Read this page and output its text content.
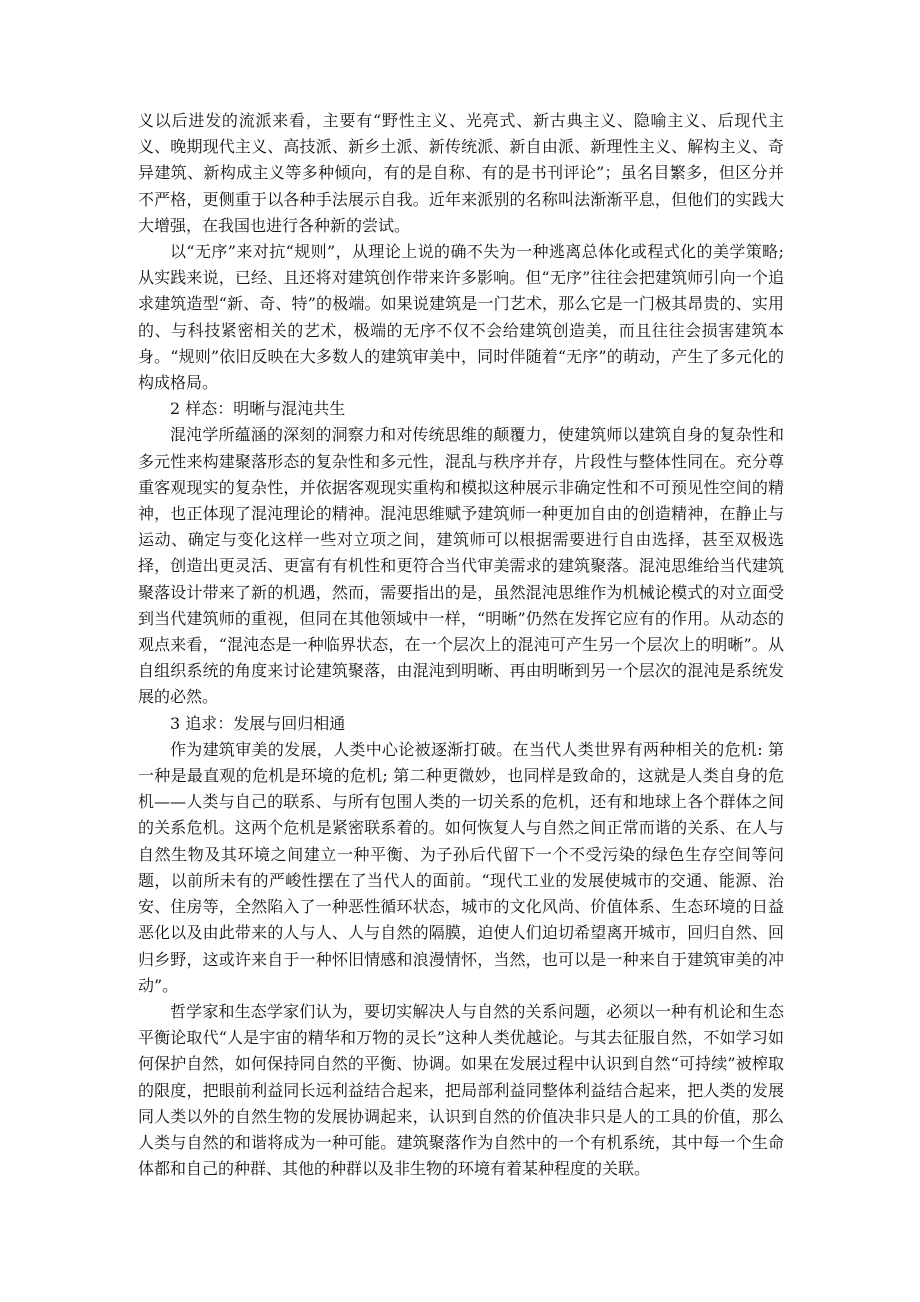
义以后进发的流派来看，主要有“野性主义、光亮式、新古典主义、隐喻主义、后现代主义、晚期现代主义、高技派、新乡土派、新传统派、新自由派、新理性主义、解构主义、奇异建筑、新构成主义等多种倾向，有的是自称、有的是书刊评论”；虽名目繁多，但区分并不严格，更侧重于以各种手法展示自我。近年来派别的名称叫法渐渐平息，但他们的实践大大增强，在我国也进行各种新的尝试。

以“无序”来对抗“规则”，从理论上说的确不失为一种逃离总体化或程式化的美学策略; 从实践来说，已经、且还将对建筑创作带来许多影响。但“无序”往往会把建筑师引向一个追求建筑造型“新、奇、特”的极端。如果说建筑是一门艺术，那么它是一门极其昂贵的、实用的、与科技紧密相关的艺术，极端的无序不仅不会给建筑创造美，而且往往会损害建筑本身。“规则”依旧反映在大多数人的建筑审美中，同时伴随着“无序”的萌动，产生了多元化的构成格局。

2 样态：明晰与混沌共生

混沌学所蕴涵的深刻的洞察力和对传统思维的颠覆力，使建筑师以建筑自身的复杂性和多元性来构建聚落形态的复杂性和多元性，混乱与秩序并存，片段性与整体性同在。充分尊重客观现实的复杂性，并依据客观现实重构和模拟这种展示非确定性和不可预见性空间的精神，也正体现了混沌理论的精神。混沌思维赋予建筑师一种更加自由的创造精神，在静止与运动、确定与变化这样一些对立项之间，建筑师可以根据需要进行自由选择，甚至双极选择，创造出更灵活、更富有有机性和更符合当代审美需求的建筑聚落。混沌思维给当代建筑聚落设计带来了新的机遇，然而，需要指出的是，虽然混沌思维作为机械论模式的对立面受到当代建筑师的重视，但同在其他领域中一样，“明晰”仍然在发挥它应有的作用。从动态的观点来看，“混沌态是一种临界状态，在一个层次上的混沌可产生另一个层次上的明晰”。从自组织系统的角度来讨论建筑聚落，由混沌到明晰、再由明晰到另一个层次的混沌是系统发展的必然。

3 追求：发展与回归相通

作为建筑审美的发展，人类中心论被逐渐打破。在当代人类世界有两种相关的危机: 第一种是最直观的危机是环境的危机; 第二种更微妙，也同样是致命的，这就是人类自身的危机——人类与自己的联系、与所有包围人类的一切关系的危机，还有和地球上各个群体之间的关系危机。这两个危机是紧密联系着的。如何恢复人与自然之间正常而谐的关系、在人与自然生物及其环境之间建立一种平衡、为子孙后代留下一个不受污染的绿色生存空间等问题，以前所未有的严峻性摆在了当代人的面前。“现代工业的发展使城市的交通、能源、治安、住房等，全然陷入了一种恶性循环状态，城市的文化风尚、价值体系、生态环境的日益恶化以及由此带来的人与人、人与自然的隔膜，迫使人们迫切希望离开城市，回归自然、回归乡野，这或许来自于一种怀旧情感和浪漫情怀，当然，也可以是一种来自于建筑审美的冲动”。

哲学家和生态学家们认为，要切实解决人与自然的关系问题，必须以一种有机论和生态平衡论取代“人是宇宙的精华和万物的灵长”这种人类优越论。与其去征服自然，不如学习如何保护自然，如何保持同自然的平衡、协调。如果在发展过程中认识到自然“可持续”被榨取的限度，把眼前利益同长远利益结合起来，把局部利益同整体利益结合起来，把人类的发展同人类以外的自然生物的发展协调起来，认识到自然的价值决非只是人的工具的价值，那么人类与自然的和谐将成为一种可能。建筑聚落作为自然中的一个有机系统，其中每一个生命体都和自己的种群、其他的种群以及非生物的环境有着某种程度的关联。
